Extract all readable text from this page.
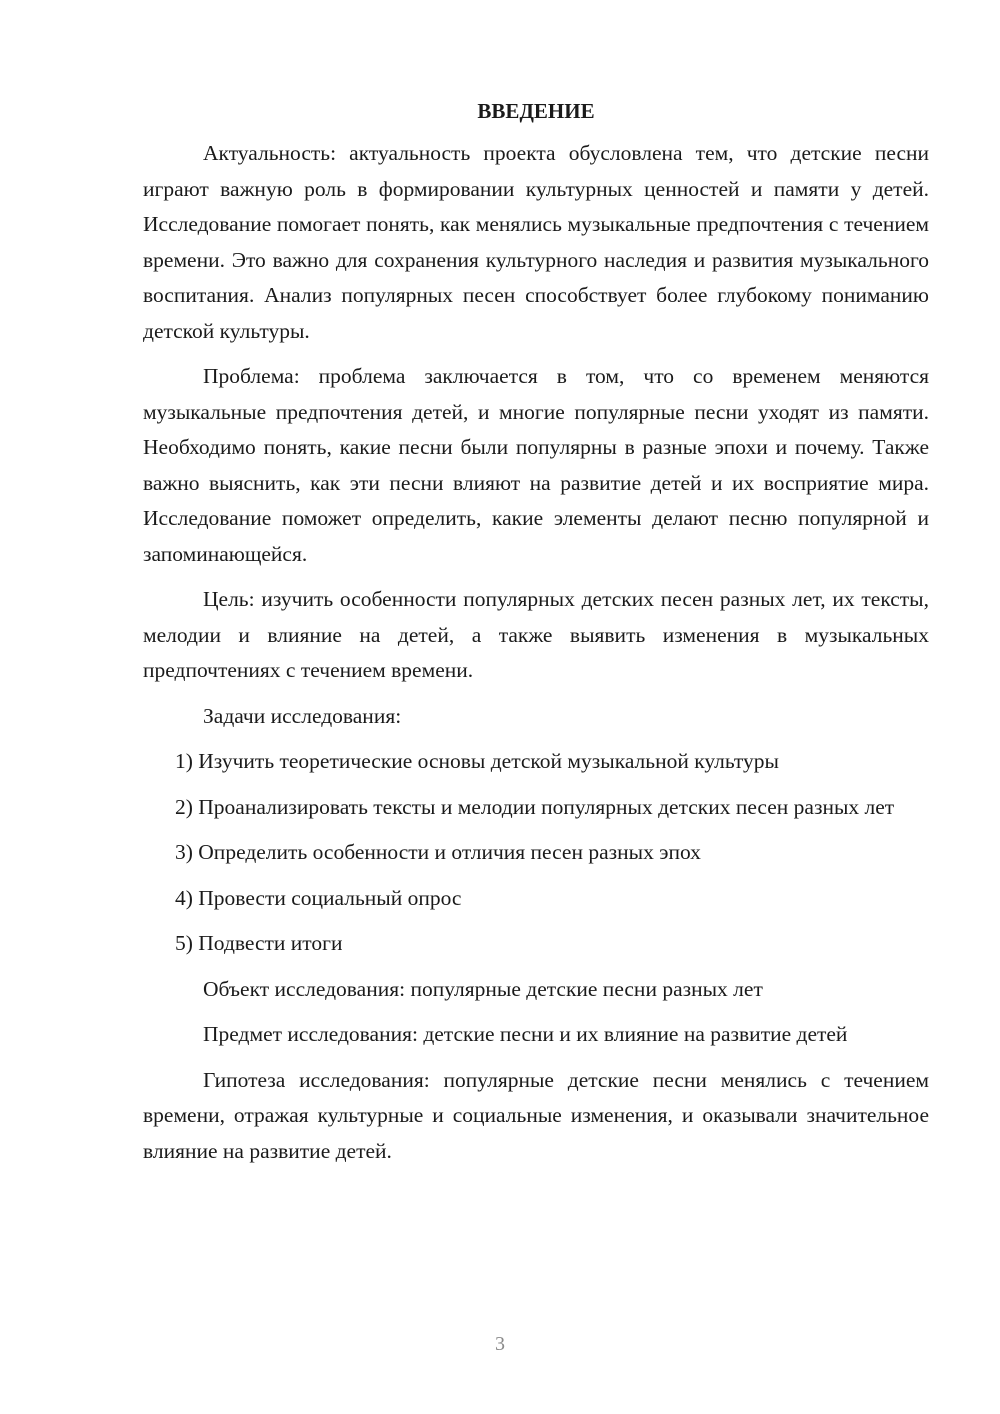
ВВЕДЕНИЕ

Актуальность: актуальность проекта обусловлена тем, что детские песни играют важную роль в формировании культурных ценностей и памяти у детей. Исследование помогает понять, как менялись музыкальные предпочтения с течением времени. Это важно для сохранения культурного наследия и развития музыкального воспитания. Анализ популярных песен способствует более глубокому пониманию детской культуры.

Проблема: проблема заключается в том, что со временем меняются музыкальные предпочтения детей, и многие популярные песни уходят из памяти. Необходимо понять, какие песни были популярны в разные эпохи и почему. Также важно выяснить, как эти песни влияют на развитие детей и их восприятие мира. Исследование поможет определить, какие элементы делают песню популярной и запоминающейся.

Цель: изучить особенности популярных детских песен разных лет, их тексты, мелодии и влияние на детей, а также выявить изменения в музыкальных предпочтениях с течением времени.

Задачи исследования:

1) Изучить теоретические основы детской музыкальной культуры

2) Проанализировать тексты и мелодии популярных детских песен разных лет

3) Определить особенности и отличия песен разных эпох

4) Провести социальный опрос

5) Подвести итоги

Объект исследования: популярные детские песни разных лет

Предмет исследования: детские песни и их влияние на развитие детей

Гипотеза исследования: популярные детские песни менялись с течением времени, отражая культурные и социальные изменения, и оказывали значительное влияние на развитие детей.

3
